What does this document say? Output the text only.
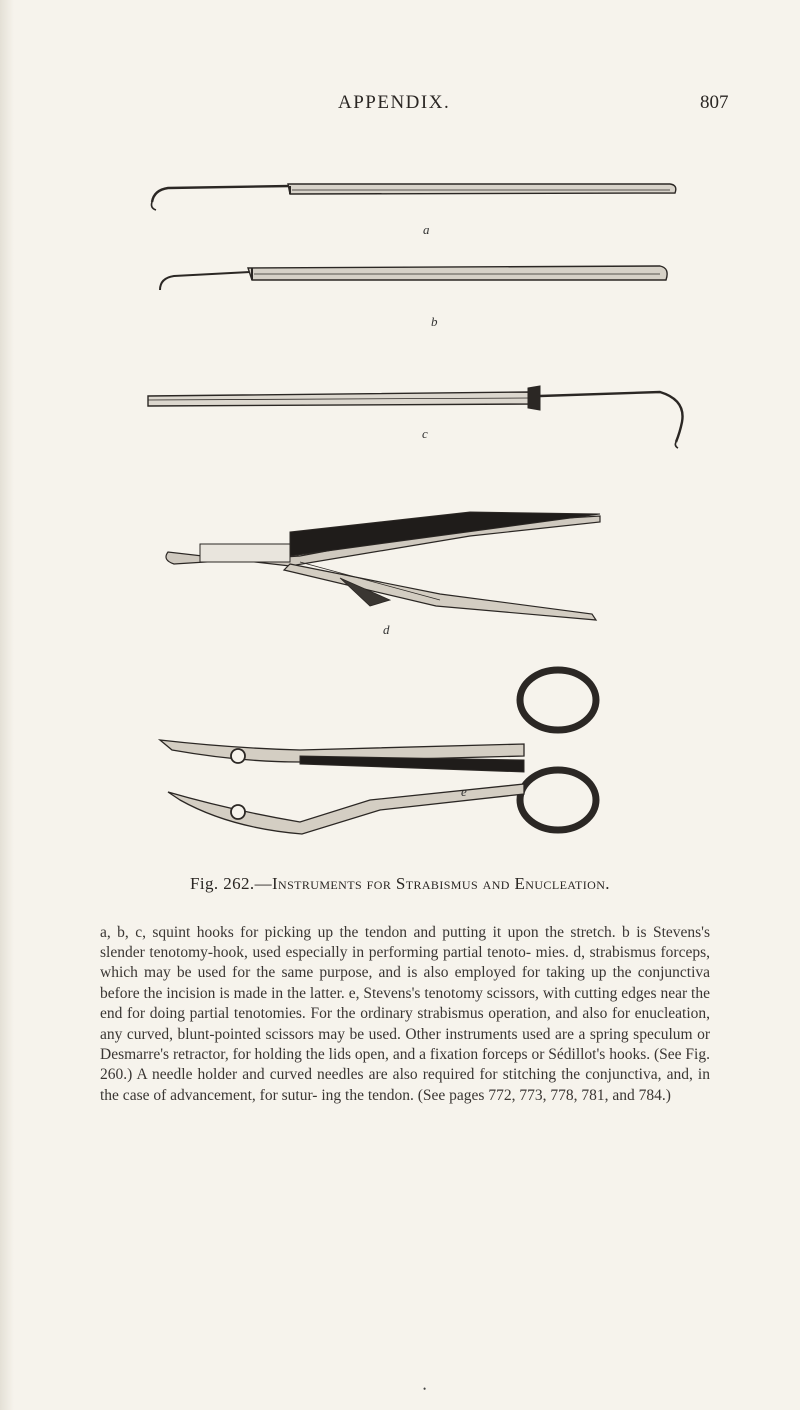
APPENDIX.	807
a
b
c
d
e
Fig. 262.—Instruments for Strabismus and Enucleation.

a, b, c, squint hooks for picking up the tendon and putting it upon the stretch. b is Stevens's slender tenotomy-hook, used especially in performing partial tenoto- mies. d, strabismus forceps, which may be used for the same purpose, and is also employed for taking up the conjunctiva before the incision is made in the latter. e, Stevens's tenotomy scissors, with cutting edges near the end for doing partial tenotomies. For the ordinary strabismus operation, and also for enucleation, any curved, blunt-pointed scissors may be used. Other instruments used are a spring speculum or Desmarre's retractor, for holding the lids open, and a fixation forceps or Sédillot's hooks. (See Fig. 260.) A needle holder and curved needles are also required for stitching the conjunctiva, and, in the case of advancement, for sutur- ing the tendon. (See pages 772, 773, 778, 781, and 784.)

•
